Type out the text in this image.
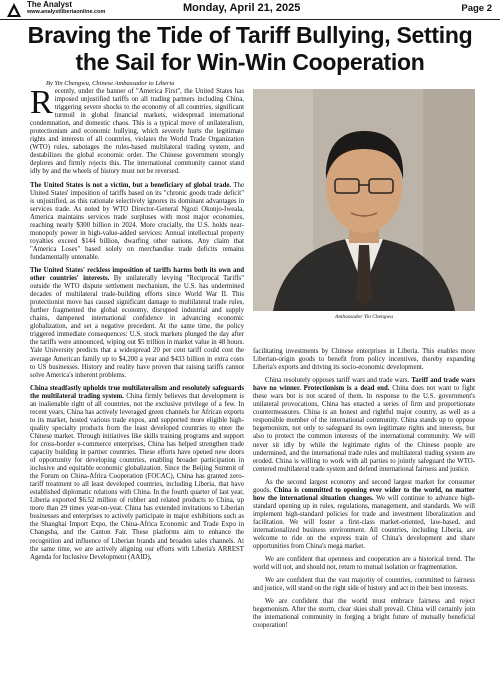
The Analyst
www.analystliberiaonline.com	Monday, April 21, 2025	Page 2
Braving the Tide of Tariff Bullying, Setting the Sail for Win-Win Cooperation
By Yin Chengwu, Chinese Ambassador to Liberia

Recently, under the banner of "America First", the United States has imposed unjustified tariffs on all trading partners including China, triggering severe shocks to the economy of all countries, significant turmoil in global financial markets, widespread international condemnation, and domestic chaos. This is a typical move of unilateralism, protectionism and economic bullying, which severely hurts the legitimate rights and interests of all countries, violates the World Trade Organization (WTO) rules, sabotages the rules-based multilateral trading system, and destabilizes the global economic order. The Chinese government strongly deplores and firmly rejects this. The international community cannot stand idly by and the wheels of history must not be reversed.

The United States is not a victim, but a beneficiary of global trade. The United States' imposition of tariffs based on its "chronic goods trade deficit" is unjustified, as this rationale selectively ignores its dominant advantages in services trade. As noted by WTO Director-General Ngozi Okonjo-Iweala, America maintains services trade surpluses with most major economies, reaching nearly $300 billion in 2024. More crucially, the U.S. holds near-monopoly power in high-value-added services: Annual intellectual property royalties exceed $144 billion, dwarfing other nations. Any claim that "America Loses" based solely on merchandise trade deficits remains fundamentally untenable.

The United States' reckless imposition of tariffs harms both its own and other countries' interests. By unilaterally levying "Reciprocal Tariffs" outside the WTO dispute settlement mechanism, the U.S. has undermined decades of multilateral trade-building efforts since World War II. This protectionist move has caused significant damage to multilateral trade rules, further fragmented the global economy, disrupted industrial and supply chains, dampened international confidence in advancing economic globalization, and set a negative precedent. At the same time, the policy triggered immediate consequences: U.S. stock markets plunged the day after the tariffs were announced, wiping out $5 trillion in market value in 48 hours. Yale University predicts that a widespread 20 per cent tariff could cost the average American family up to $4,200 a year and $433 billion in extra costs to US businesses. History and reality have proven that raising tariffs cannot solve America's inherent problems.

China steadfastly upholds true multilateralism and resolutely safeguards the multilateral trading system. China firmly believes that development is an inalienable right of all countries, not the exclusive privilege of a few. In recent years, China has actively leveraged green channels for African exports to its market, hosted various trade expos, and supported more eligible high-quality specialty products from the least developed countries to enter the Chinese market. Through initiatives like skills training programs and support for cross-border e-commerce enterprises, China has helped strengthen trade capacity building in partner countries. These efforts have opened new doors of opportunity for developing countries, enabling broader participation in inclusive and equitable economic globalization. Since the Beijing Summit of the Forum on China-Africa Cooperation (FOCAC), China has granted zero-tariff treatment to all least developed countries, including Liberia, that have established diplomatic relations with China. In the fourth quarter of last year, Liberia exported $6.52 million of rubber and related products to China, up more than 29 times year-on-year. China has extended invitations to Liberian businesses and enterprises to actively participate in major exhibitions such as the Shanghai Import Expo, the China-Africa Economic and Trade Expo in Changsha, and the Canton Fair. These platforms aim to enhance the recognition and influence of Liberian brands and broaden sales channels. At the same time, we are actively aligning our efforts with Liberia's ARREST Agenda for Inclusive Development (AAID),

Ambassador Yin Chengwu

facilitating investments by Chinese enterprises in Liberia. This enables more Liberian-origin goods to benefit from policy incentives, thereby expanding Liberia's exports and driving its socio-economic development.

China resolutely opposes tariff wars and trade wars. Tariff and trade wars have no winner. Protectionism is a dead end. China does not want to fight these wars but is not scared of them. In response to the U.S. government's unilateral provocations, China has enacted a series of firm and proportionate countermeasures. China is an honest and rightful major country, as well as a responsible member of the international community. China stands up to oppose hegemonism, not only to safeguard its own legitimate rights and interests, but also to protect the common interests of the international community. We will never sit idly by while the legitimate rights of the Chinese people are undermined, and the international trade rules and multilateral trading system are eroded. China is willing to work with all parties to jointly safeguard the WTO-centered multilateral trade system and defend international fairness and justice.

As the second largest economy and second largest market for consumer goods, China is committed to opening ever wider to the world, no matter how the international situation changes. We will continue to advance high-standard opening up in rules, regulations, management, and standards. We will implement high-standard policies for trade and investment liberalization and facilitation. We will foster a first-class market-oriented, law-based, and internationalized business environment. All countries, including Liberia, are welcome to ride on the express train of China's development and share opportunities from China's mega market.

We are confident that openness and cooperation are a historical trend. The world will not, and should not, return to mutual isolation or fragmentation.

We are confident that the vast majority of countries, committed to fairness and justice, will stand on the right side of history and act in their best interests.

We are confident that the world must embrace fairness and reject hegemonism. After the storm, clear skies shall prevail. China will certainly join the international community in forging a bright future of mutually beneficial cooperation!
